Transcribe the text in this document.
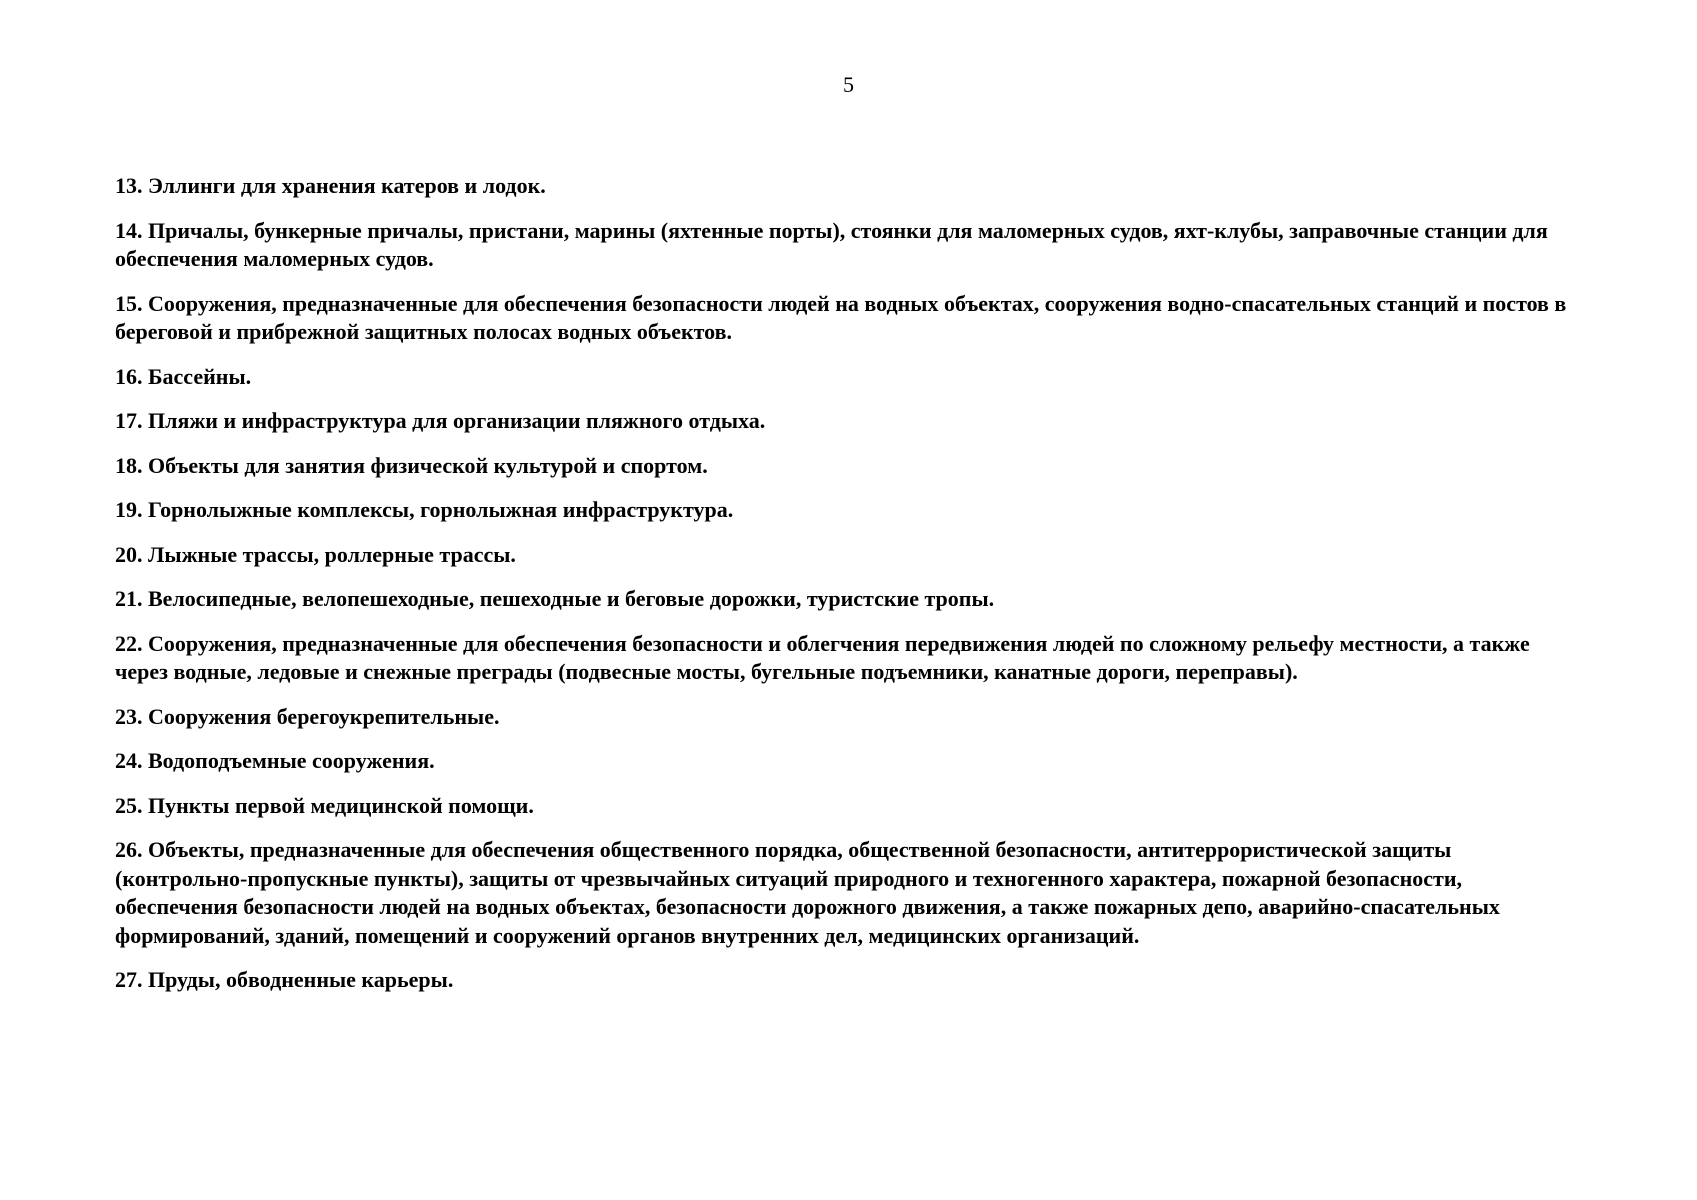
5
13. Эллинги для хранения катеров и лодок.
14. Причалы, бункерные причалы, пристани, марины (яхтенные порты), стоянки для маломерных судов, яхт-клубы, заправочные станции для обеспечения маломерных судов.
15. Сооружения, предназначенные для обеспечения безопасности людей на водных объектах, сооружения водно-спасательных станций и постов в береговой и прибрежной защитных полосах водных объектов.
16. Бассейны.
17. Пляжи и инфраструктура для организации пляжного отдыха.
18. Объекты для занятия физической культурой и спортом.
19. Горнолыжные комплексы, горнолыжная инфраструктура.
20. Лыжные трассы, роллерные трассы.
21. Велосипедные, велопешеходные, пешеходные и беговые дорожки, туристские тропы.
22. Сооружения, предназначенные для обеспечения безопасности и облегчения передвижения людей по сложному рельефу местности, а также через водные, ледовые и снежные преграды (подвесные мосты, бугельные подъемники, канатные дороги, переправы).
23. Сооружения берегоукрепительные.
24. Водоподъемные сооружения.
25. Пункты первой медицинской помощи.
26. Объекты, предназначенные для обеспечения общественного порядка, общественной безопасности, антитеррористической защиты (контрольно-пропускные пункты), защиты от чрезвычайных ситуаций природного и техногенного характера, пожарной безопасности, обеспечения безопасности людей на водных объектах, безопасности дорожного движения, а также пожарных депо, аварийно-спасательных формирований, зданий, помещений и сооружений органов внутренних дел, медицинских организаций.
27. Пруды, обводненные карьеры.
